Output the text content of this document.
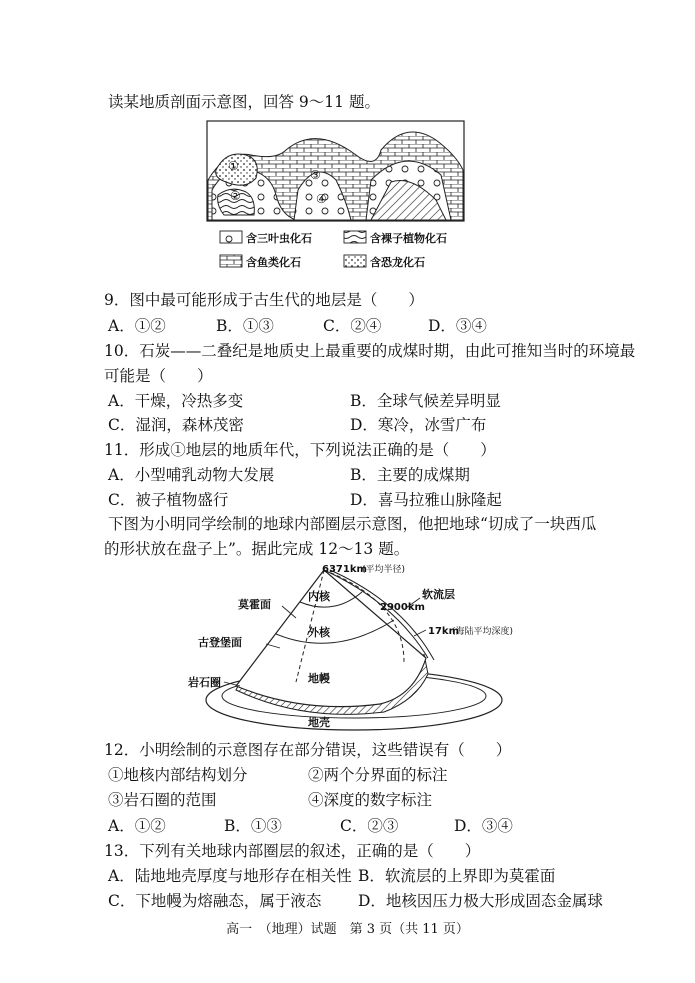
读某地质剖面示意图，回答 9～11 题。
①
②
③
④
含三叶虫化石	含裸子植物化石
含鱼类化石	含恐龙化石
9．图中最可能形成于古生代的地层是（　　）
A．①②	B．①③	C．②④	D．③④
10．石炭——二叠纪是地质史上最重要的成煤时期，由此可推知当时的环境最
可能是（　　）
A．干燥，冷热多变	B．全球气候差异明显
C．湿润，森林茂密	D．寒冷，冰雪广布
11．形成①地层的地质年代，下列说法正确的是（　　）
A．小型哺乳动物大发展	B．主要的成煤期
C．被子植物盛行	D．喜马拉雅山脉隆起
下图为小明同学绘制的地球内部圈层示意图，他把地球“切成了一块西瓜
的形状放在盘子上”。据此完成 12～13 题。
6371km
(平均半径)
内核	软流层
2900km
莫霍面
外核	17km
(海陆平均深度)
古登堡面
地幔
岩石圈
地壳
12．小明绘制的示意图存在部分错误，这些错误有（　　）
①地核内部结构划分	②两个分界面的标注
③岩石圈的范围	④深度的数字标注
A．①②	B．①③	C．②③	D．③④
13．下列有关地球内部圈层的叙述，正确的是（　　）
A．陆地地壳厚度与地形存在相关性 B．软流层的上界即为莫霍面
C．下地幔为熔融态，属于液态 D．地核因压力极大形成固态金属球
高一　（地理）试题　第 3 页（共 11 页）
